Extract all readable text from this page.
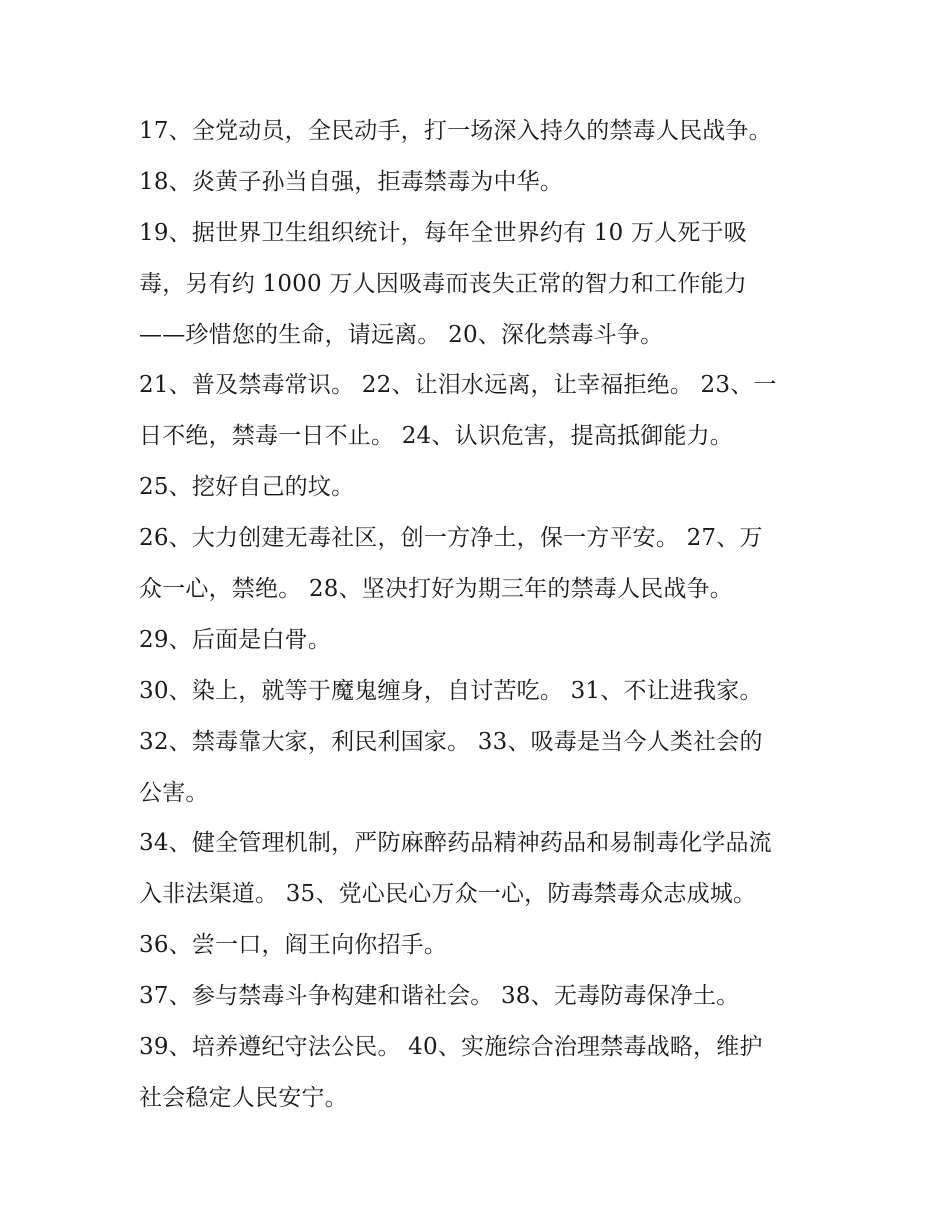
17、全党动员，全民动手，打一场深入持久的禁毒人民战争。
18、炎黄子孙当自强，拒毒禁毒为中华。
19、据世界卫生组织统计，每年全世界约有 10 万人死于吸
毒，另有约 1000 万人因吸毒而丧失正常的智力和工作能力
——珍惜您的生命，请远离。 20、深化禁毒斗争。
21、普及禁毒常识。 22、让泪水远离，让幸福拒绝。 23、一
日不绝，禁毒一日不止。 24、认识危害，提高抵御能力。
25、挖好自己的坟。
26、大力创建无毒社区，创一方净土，保一方平安。 27、万
众一心，禁绝。 28、坚决打好为期三年的禁毒人民战争。
29、后面是白骨。
30、染上，就等于魔鬼缠身，自讨苦吃。 31、不让进我家。
32、禁毒靠大家，利民利国家。 33、吸毒是当今人类社会的
公害。
34、健全管理机制，严防麻醉药品精神药品和易制毒化学品流
入非法渠道。 35、党心民心万众一心，防毒禁毒众志成城。
36、尝一口，阎王向你招手。
37、参与禁毒斗争构建和谐社会。 38、无毒防毒保净土。
39、培养遵纪守法公民。 40、实施综合治理禁毒战略，维护
社会稳定人民安宁。
